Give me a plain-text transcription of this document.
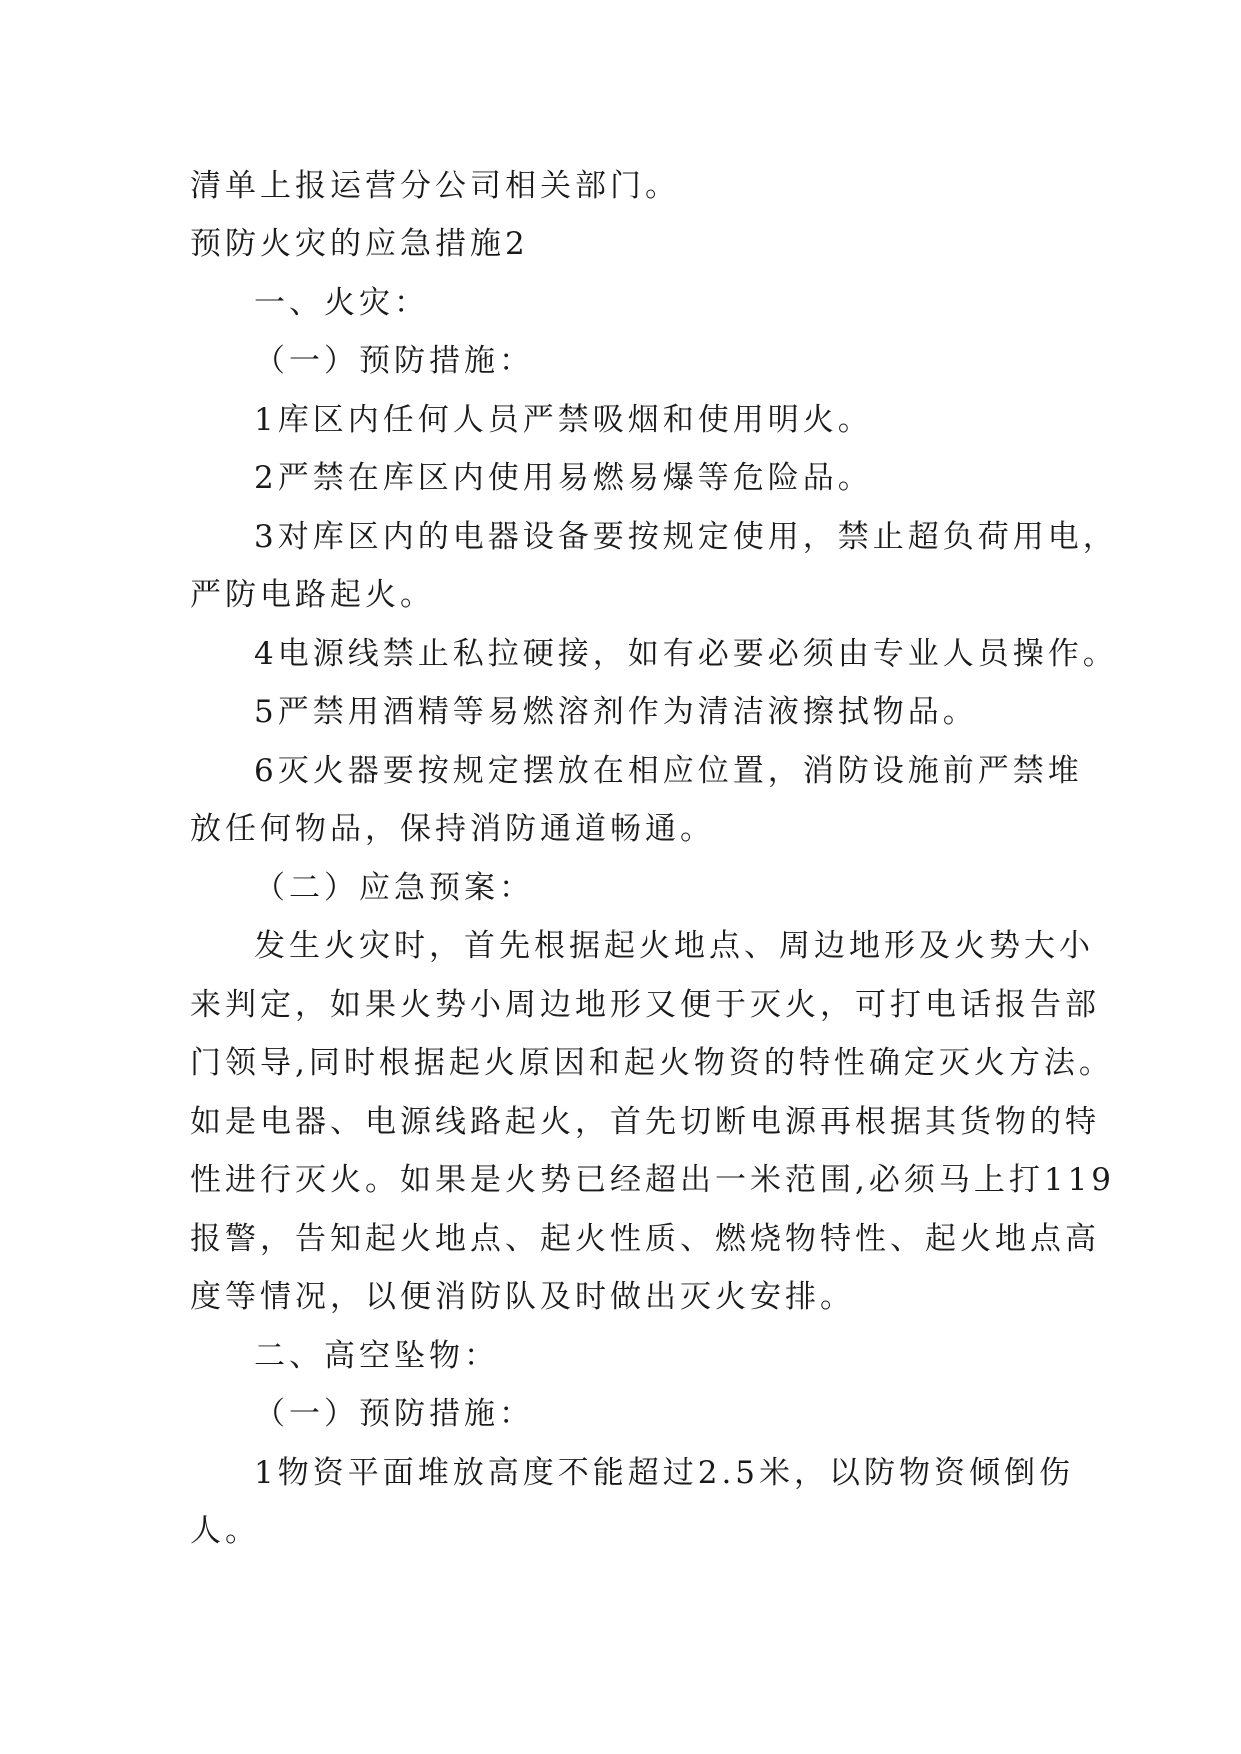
清单上报运营分公司相关部门。
预防火灾的应急措施2
一、火灾：
（一）预防措施：
1库区内任何人员严禁吸烟和使用明火。
2严禁在库区内使用易燃易爆等危险品。
3对库区内的电器设备要按规定使用，禁止超负荷用电，
严防电路起火。
4电源线禁止私拉硬接，如有必要必须由专业人员操作。
5严禁用酒精等易燃溶剂作为清洁液擦拭物品。
6灭火器要按规定摆放在相应位置，消防设施前严禁堆
放任何物品，保持消防通道畅通。
（二）应急预案：
发生火灾时，首先根据起火地点、周边地形及火势大小
来判定，如果火势小周边地形又便于灭火，可打电话报告部
门领导,同时根据起火原因和起火物资的特性确定灭火方法。
如是电器、电源线路起火，首先切断电源再根据其货物的特
性进行灭火。如果是火势已经超出一米范围,必须马上打119
报警，告知起火地点、起火性质、燃烧物特性、起火地点高
度等情况，以便消防队及时做出灭火安排。
二、高空坠物：
（一）预防措施：
1物资平面堆放高度不能超过2.5米，以防物资倾倒伤
人。
